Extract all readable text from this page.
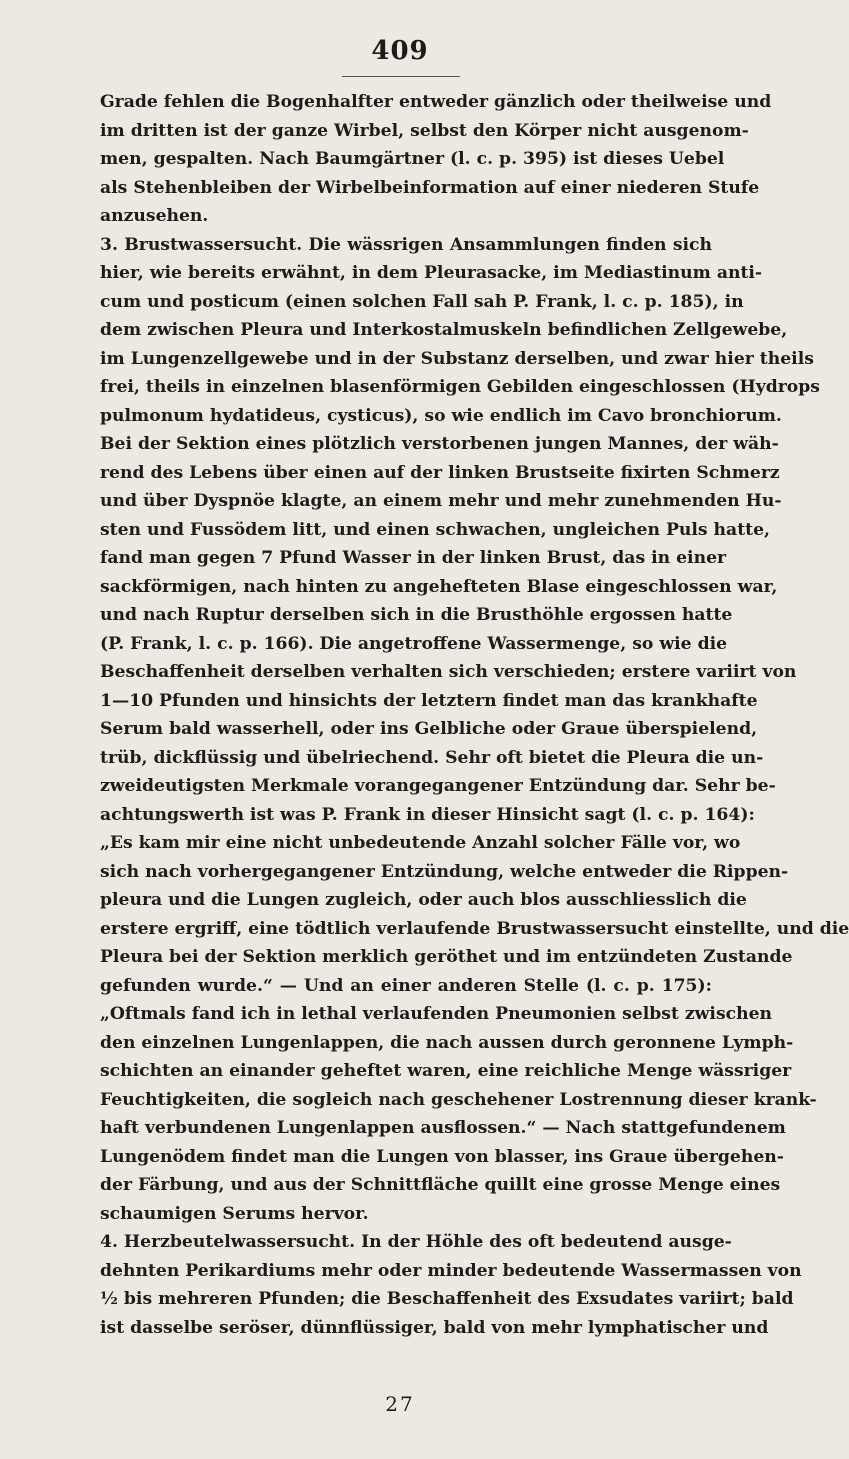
409
Grade fehlen die Bogenhalfter entweder gänzlich oder theilweise und
im dritten ist der ganze Wirbel, selbst den Körper nicht ausgenom-
men, gespalten. Nach Baumgärtner (l. c. p. 395) ist dieses Uebel
als Stehenbleiben der Wirbelbeinformation auf einer niederen Stufe
anzusehen.
3. Brustwassersucht. Die wässrigen Ansammlungen finden sich
hier, wie bereits erwähnt, in dem Pleurasacke, im Mediastinum anti-
cum und posticum (einen solchen Fall sah P. Frank, l. c. p. 185), in
dem zwischen Pleura und Interkostalmuskeln befindlichen Zellgewebe,
im Lungenzellgewebe und in der Substanz derselben, und zwar hier theils
frei, theils in einzelnen blasenförmigen Gebilden eingeschlossen (Hydrops
pulmonum hydatideus, cysticus), so wie endlich im Cavo bronchiorum.
Bei der Sektion eines plötzlich verstorbenen jungen Mannes, der wäh-
rend des Lebens über einen auf der linken Brustseite fixirten Schmerz
und über Dyspnöe klagte, an einem mehr und mehr zunehmenden Hu-
sten und Fussödem litt, und einen schwachen, ungleichen Puls hatte,
fand man gegen 7 Pfund Wasser in der linken Brust, das in einer
sackförmigen, nach hinten zu angehefteten Blase eingeschlossen war,
und nach Ruptur derselben sich in die Brusthöhle ergossen hatte
(P. Frank, l. c. p. 166). Die angetroffene Wassermenge, so wie die
Beschaffenheit derselben verhalten sich verschieden; erstere variirt von
1—10 Pfunden und hinsichts der letztern findet man das krankhafte
Serum bald wasserhell, oder ins Gelbliche oder Graue überspielend,
trüb, dickflüssig und übelriechend. Sehr oft bietet die Pleura die un-
zweideutigsten Merkmale vorangegangener Entzündung dar. Sehr be-
achtungswerth ist was P. Frank in dieser Hinsicht sagt (l. c. p. 164):
„Es kam mir eine nicht unbedeutende Anzahl solcher Fälle vor, wo
sich nach vorhergegangener Entzündung, welche entweder die Rippen-
pleura und die Lungen zugleich, oder auch blos ausschliesslich die
erstere ergriff, eine tödtlich verlaufende Brustwassersucht einstellte, und die
Pleura bei der Sektion merklich geröthet und im entzündeten Zustande
gefunden wurde.“ — Und an einer anderen Stelle (l. c. p. 175):
„Oftmals fand ich in lethal verlaufenden Pneumonien selbst zwischen
den einzelnen Lungenlappen, die nach aussen durch geronnene Lymph-
schichten an einander geheftet waren, eine reichliche Menge wässriger
Feuchtigkeiten, die sogleich nach geschehener Lostrennung dieser krank-
haft verbundenen Lungenlappen ausflossen.“ — Nach stattgefundenem
Lungenödem findet man die Lungen von blasser, ins Graue übergehen-
der Färbung, und aus der Schnittfläche quillt eine grosse Menge eines
schaumigen Serums hervor.
4. Herzbeutelwassersucht. In der Höhle des oft bedeutend ausge-
dehnten Perikardiums mehr oder minder bedeutende Wassermassen von
½ bis mehreren Pfunden; die Beschaffenheit des Exsudates variirt; bald
ist dasselbe seröser, dünnflüssiger, bald von mehr lymphatischer und
27
